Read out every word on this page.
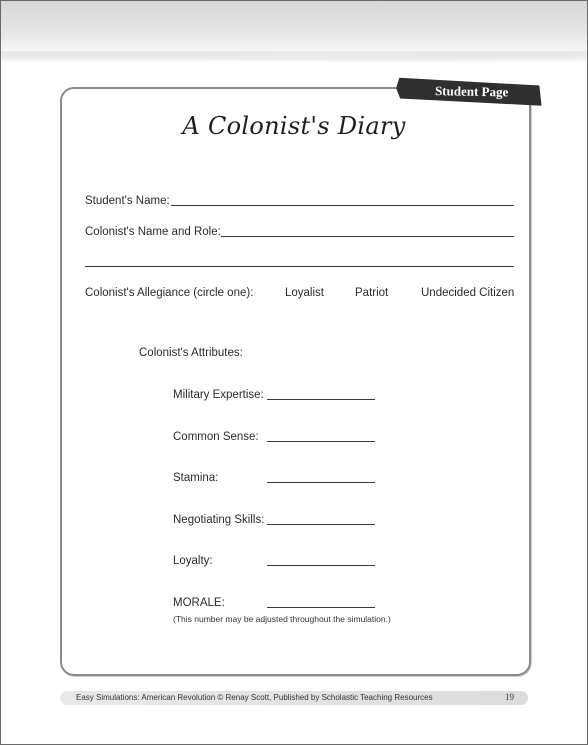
Student Page
A Colonist's Diary
Student's Name:
Colonist's Name and Role:
Colonist's Allegiance (circle one):	Loyalist	Patriot	Undecided Citizen
Colonist's Attributes:
Military Expertise:
Common Sense:
Stamina:
Negotiating Skills:
Loyalty:
MORALE:
(This number may be adjusted throughout the simulation.)
Easy Simulations: American Revolution © Renay Scott, Published by Scholastic Teaching Resources	19
